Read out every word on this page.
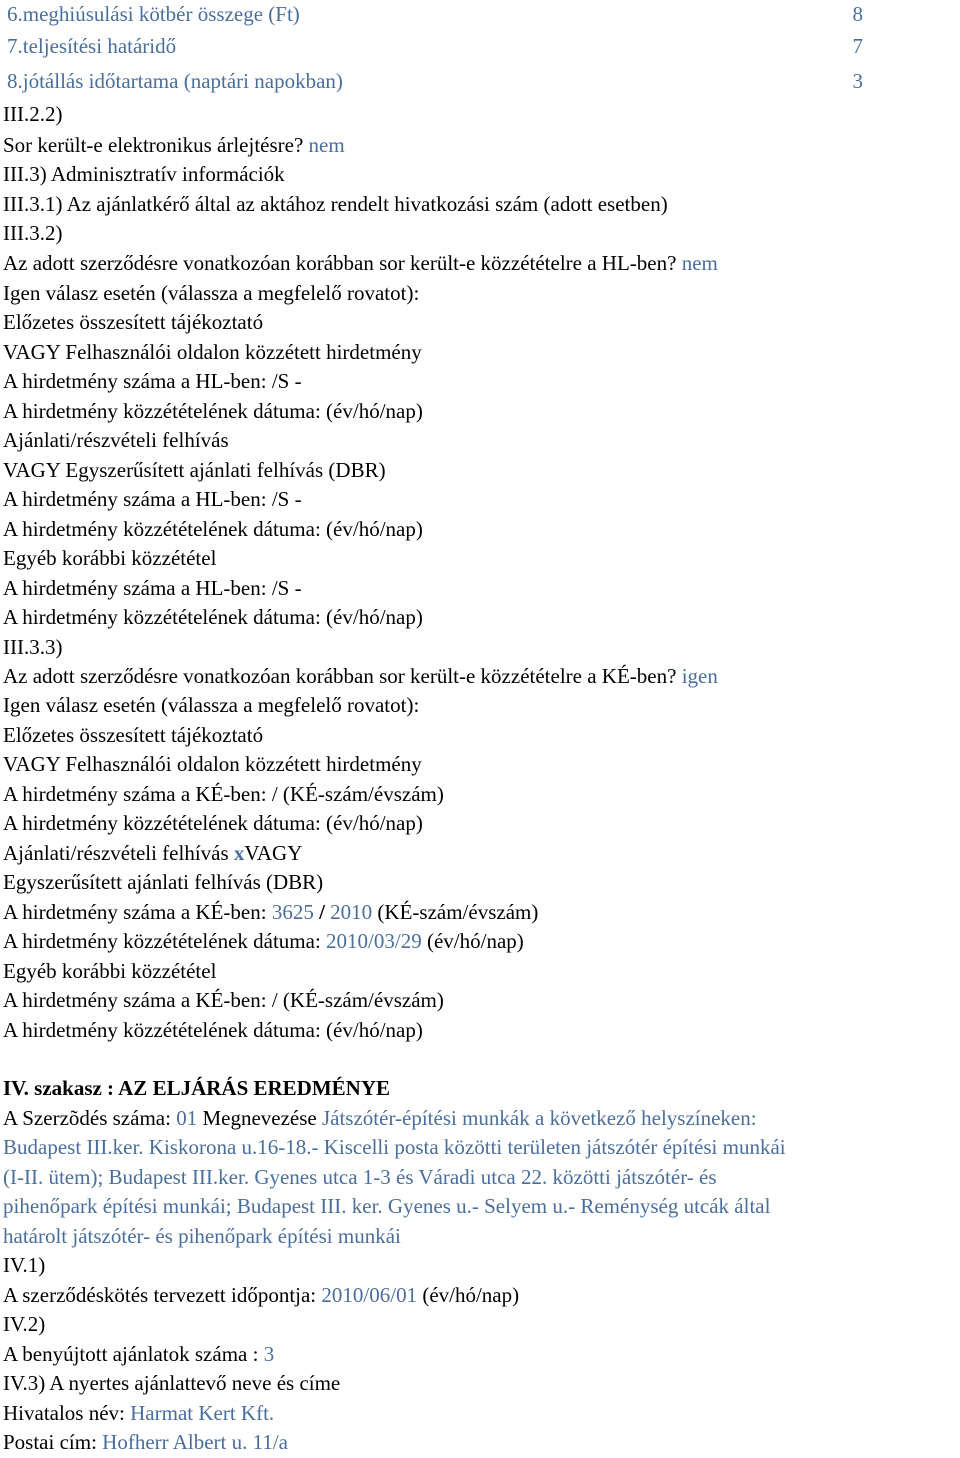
6.meghiúsulási kötbér összege (Ft)	8
7.teljesítési határidő	7
8.jótállás időtartama (naptári napokban)	3
III.2.2)
Sor került-e elektronikus árlejtésre? nem
III.3) Adminisztratív információk
III.3.1) Az ajánlatkérő által az aktához rendelt hivatkozási szám (adott esetben)
III.3.2)
Az adott szerződésre vonatkozóan korábban sor került-e közzétételre a HL-ben? nem
Igen válasz esetén (válassza a megfelelő rovatot):
Előzetes összesített tájékoztató
VAGY Felhasználói oldalon közzétett hirdetmény
A hirdetmény száma a HL-ben: /S -
A hirdetmény közzétételének dátuma: (év/hó/nap)
Ajánlati/részvételi felhívás
VAGY Egyszerűsített ajánlati felhívás (DBR)
A hirdetmény száma a HL-ben: /S -
A hirdetmény közzétételének dátuma: (év/hó/nap)
Egyéb korábbi közzététel
A hirdetmény száma a HL-ben: /S -
A hirdetmény közzétételének dátuma: (év/hó/nap)
III.3.3)
Az adott szerződésre vonatkozóan korábban sor került-e közzétételre a KÉ-ben? igen
Igen válasz esetén (válassza a megfelelő rovatot):
Előzetes összesített tájékoztató
VAGY Felhasználói oldalon közzétett hirdetmény
A hirdetmény száma a KÉ-ben: / (KÉ-szám/évszám)
A hirdetmény közzétételének dátuma: (év/hó/nap)
Ajánlati/részvételi felhívás xVAGY
Egyszerűsített ajánlati felhívás (DBR)
A hirdetmény száma a KÉ-ben: 3625 / 2010 (KÉ-szám/évszám)
A hirdetmény közzétételének dátuma: 2010/03/29 (év/hó/nap)
Egyéb korábbi közzététel
A hirdetmény száma a KÉ-ben: / (KÉ-szám/évszám)
A hirdetmény közzétételének dátuma: (év/hó/nap)
IV. szakasz : AZ ELJÁRÁS EREDMÉNYE
A Szerzõdés száma: 01 Megnevezése Játszótér-építési munkák a következő helyszíneken:
Budapest III.ker. Kiskorona u.16-18.- Kiscelli posta közötti területen játszótér építési munkái
(I-II. ütem); Budapest III.ker. Gyenes utca 1-3 és Váradi utca 22. közötti játszótér- és
pihenőpark építési munkái; Budapest III. ker. Gyenes u.- Selyem u.- Reménység utcák által
határolt játszótér- és pihenőpark építési munkái
IV.1)
A szerződéskötés tervezett időpontja: 2010/06/01 (év/hó/nap)
IV.2)
A benyújtott ajánlatok száma : 3
IV.3) A nyertes ajánlattevő neve és címe
Hivatalos név: Harmat Kert Kft.
Postai cím: Hofherr Albert u. 11/a
